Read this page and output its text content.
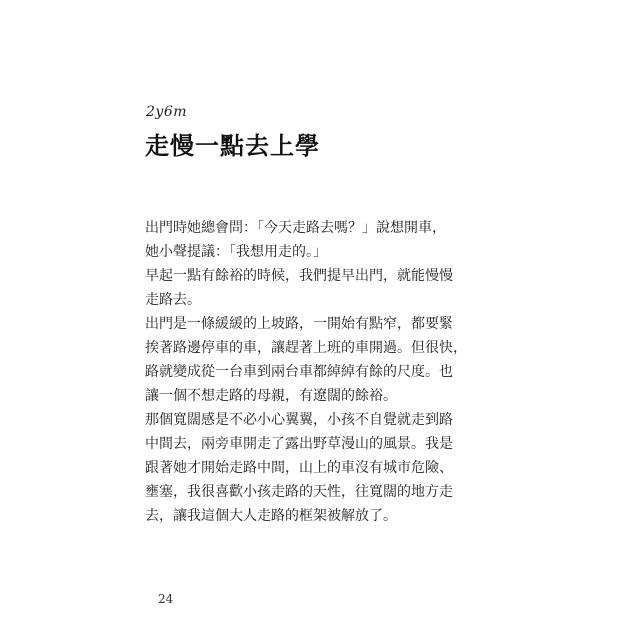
2y6m
走慢一點去上學

出門時她總會問：「今天走路去嗎？」說想開車，
她小聲提議：「我想用走的。」

早起一點有餘裕的時候，我們提早出門，就能慢慢
走路去。

出門是一條緩緩的上坡路，一開始有點窄，都要緊
挨著路邊停車的車，讓趕著上班的車開過。但很快，
路就變成從一台車到兩台車都綽綽有餘的尺度。也
讓一個不想走路的母親，有遼闊的餘裕。

那個寬闊感是不必小心翼翼，小孩不自覺就走到路
中間去，兩旁車開走了露出野草漫山的風景。我是
跟著她才開始走路中間，山上的車沒有城市危險、
壅塞，我很喜歡小孩走路的天性，往寬闊的地方走
去，讓我這個大人走路的框架被解放了。

24
